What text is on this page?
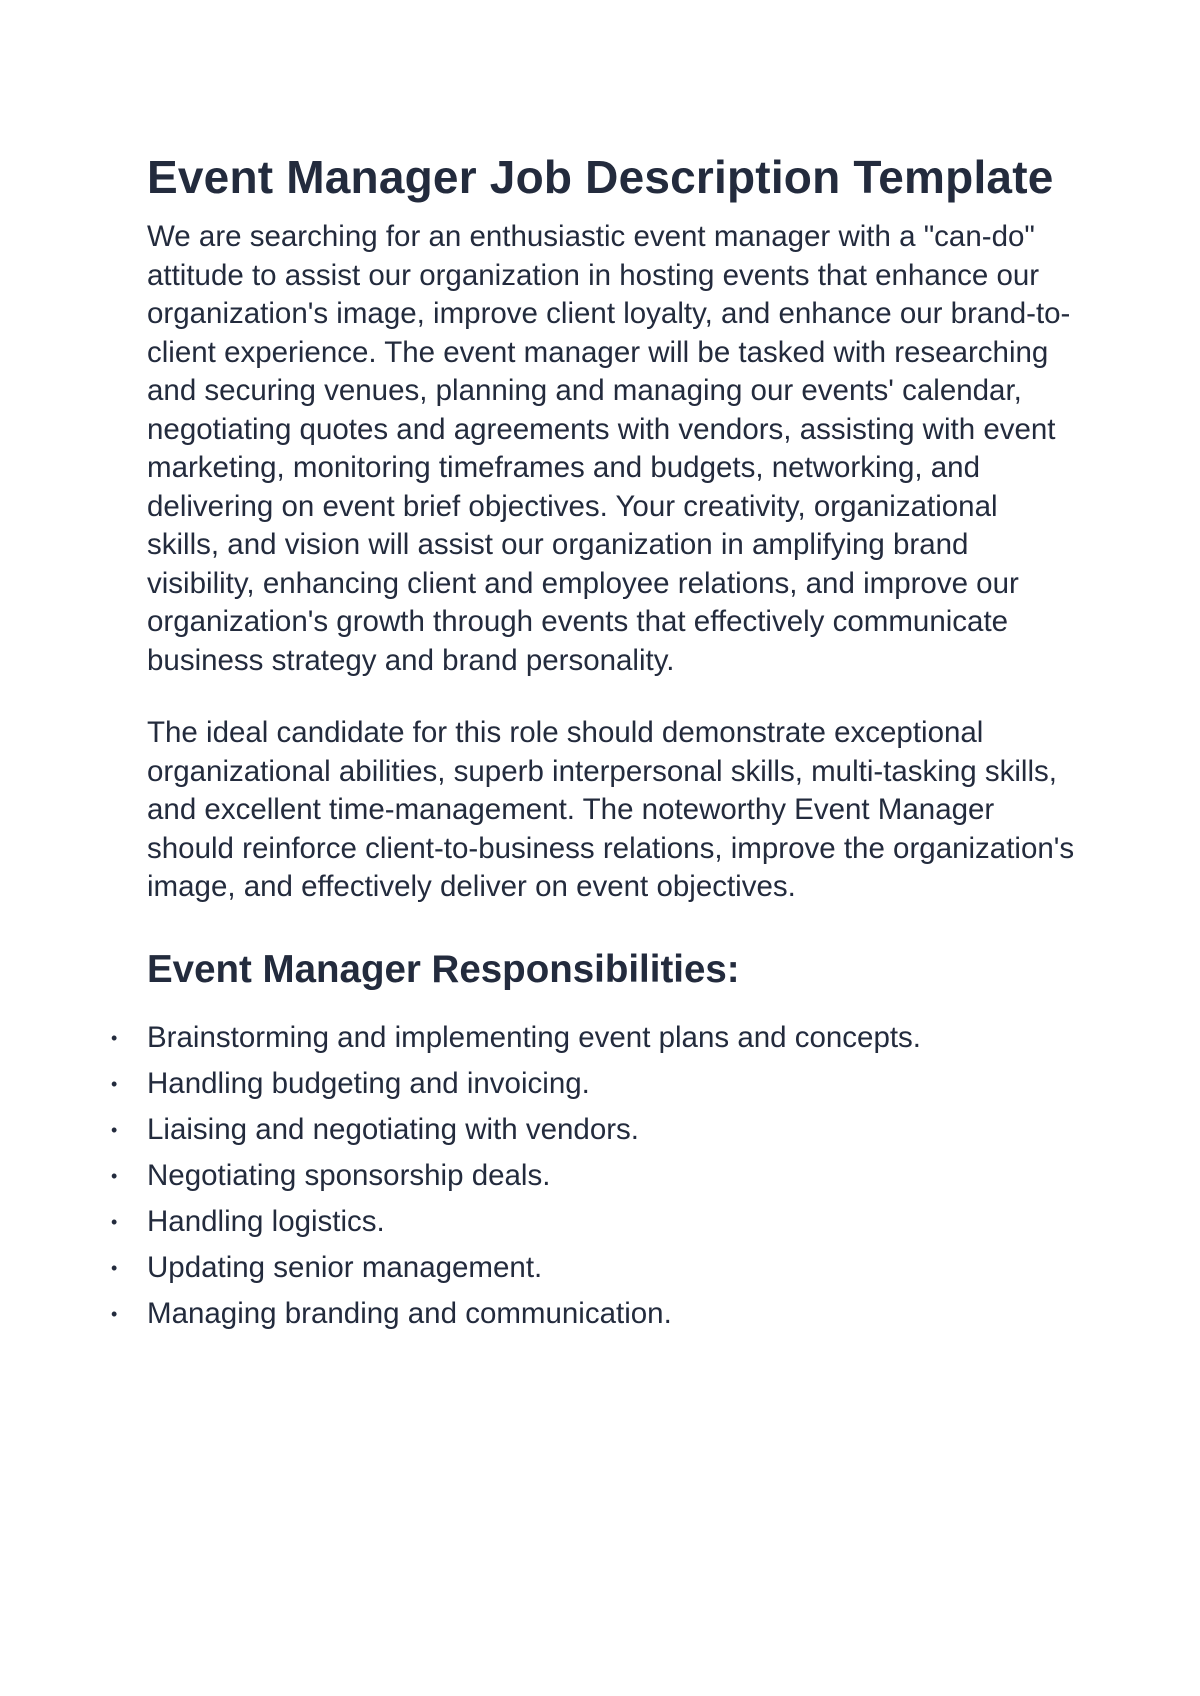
Event Manager Job Description Template

We are searching for an enthusiastic event manager with a "can-do" attitude to assist our organization in hosting events that enhance our organization's image, improve client loyalty, and enhance our brand-to-client experience. The event manager will be tasked with researching and securing venues, planning and managing our events' calendar, negotiating quotes and agreements with vendors, assisting with event marketing, monitoring timeframes and budgets, networking, and delivering on event brief objectives. Your creativity, organizational skills, and vision will assist our organization in amplifying brand visibility, enhancing client and employee relations, and improve our organization's growth through events that effectively communicate business strategy and brand personality.

The ideal candidate for this role should demonstrate exceptional organizational abilities, superb interpersonal skills, multi-tasking skills, and excellent time-management. The noteworthy Event Manager should reinforce client-to-business relations, improve the organization's image, and effectively deliver on event objectives.

Event Manager Responsibilities:
• Brainstorming and implementing event plans and concepts.
• Handling budgeting and invoicing.
• Liaising and negotiating with vendors.
• Negotiating sponsorship deals.
• Handling logistics.
• Updating senior management.
• Managing branding and communication.
